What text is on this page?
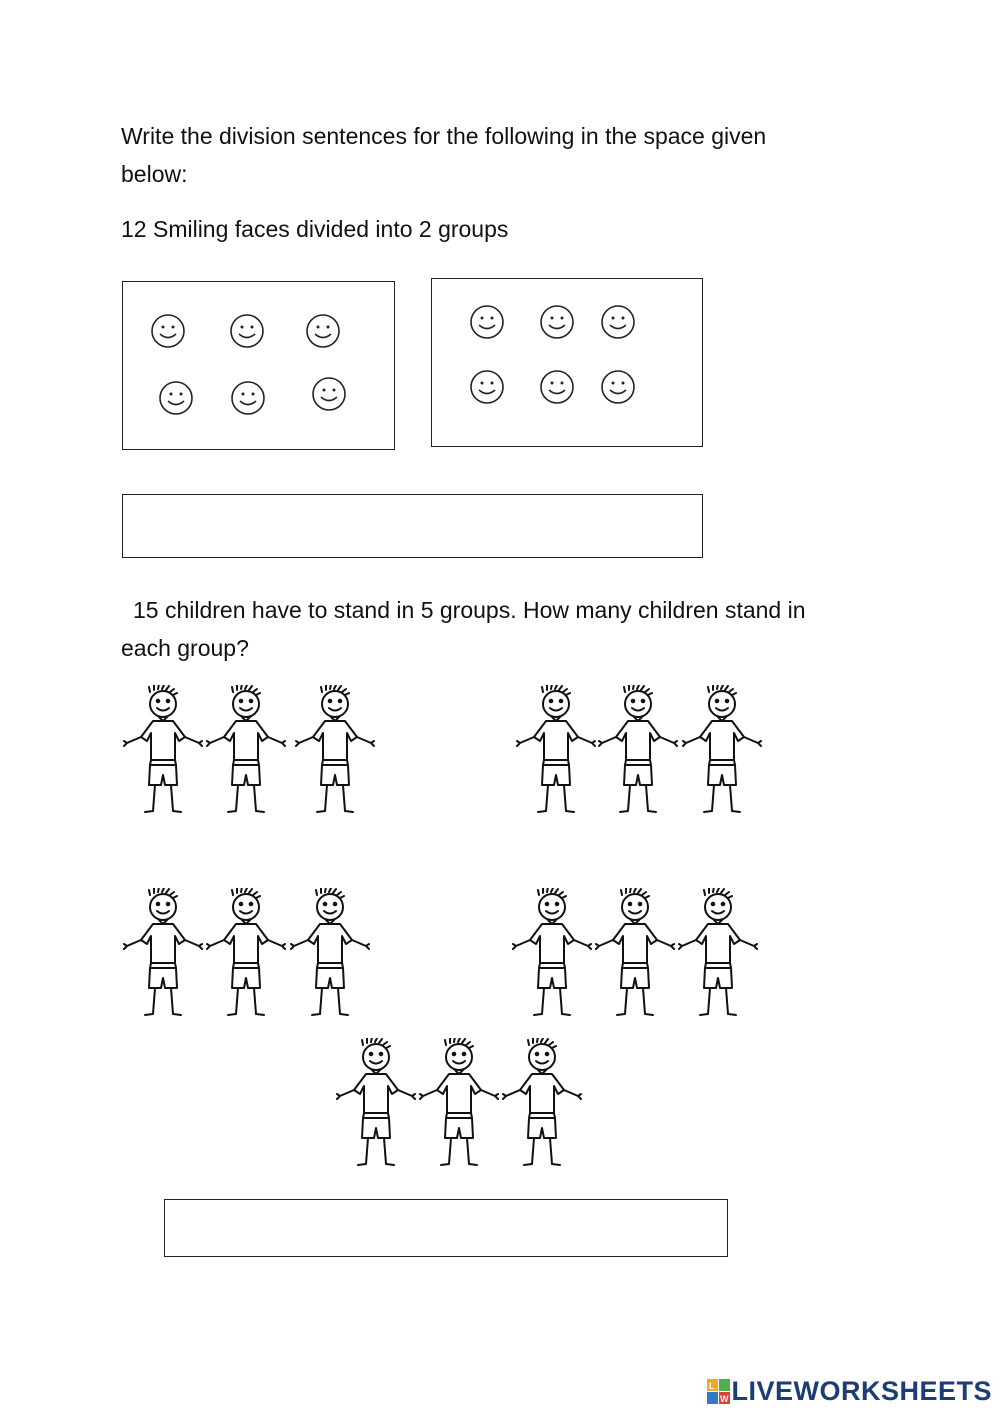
Write the division sentences for the following in the space given

below:

12 Smiling faces divided into 2 groups

15 children have to stand in 5 groups. How many children stand in

each group?

L
W LIVEWORKSHEETS
